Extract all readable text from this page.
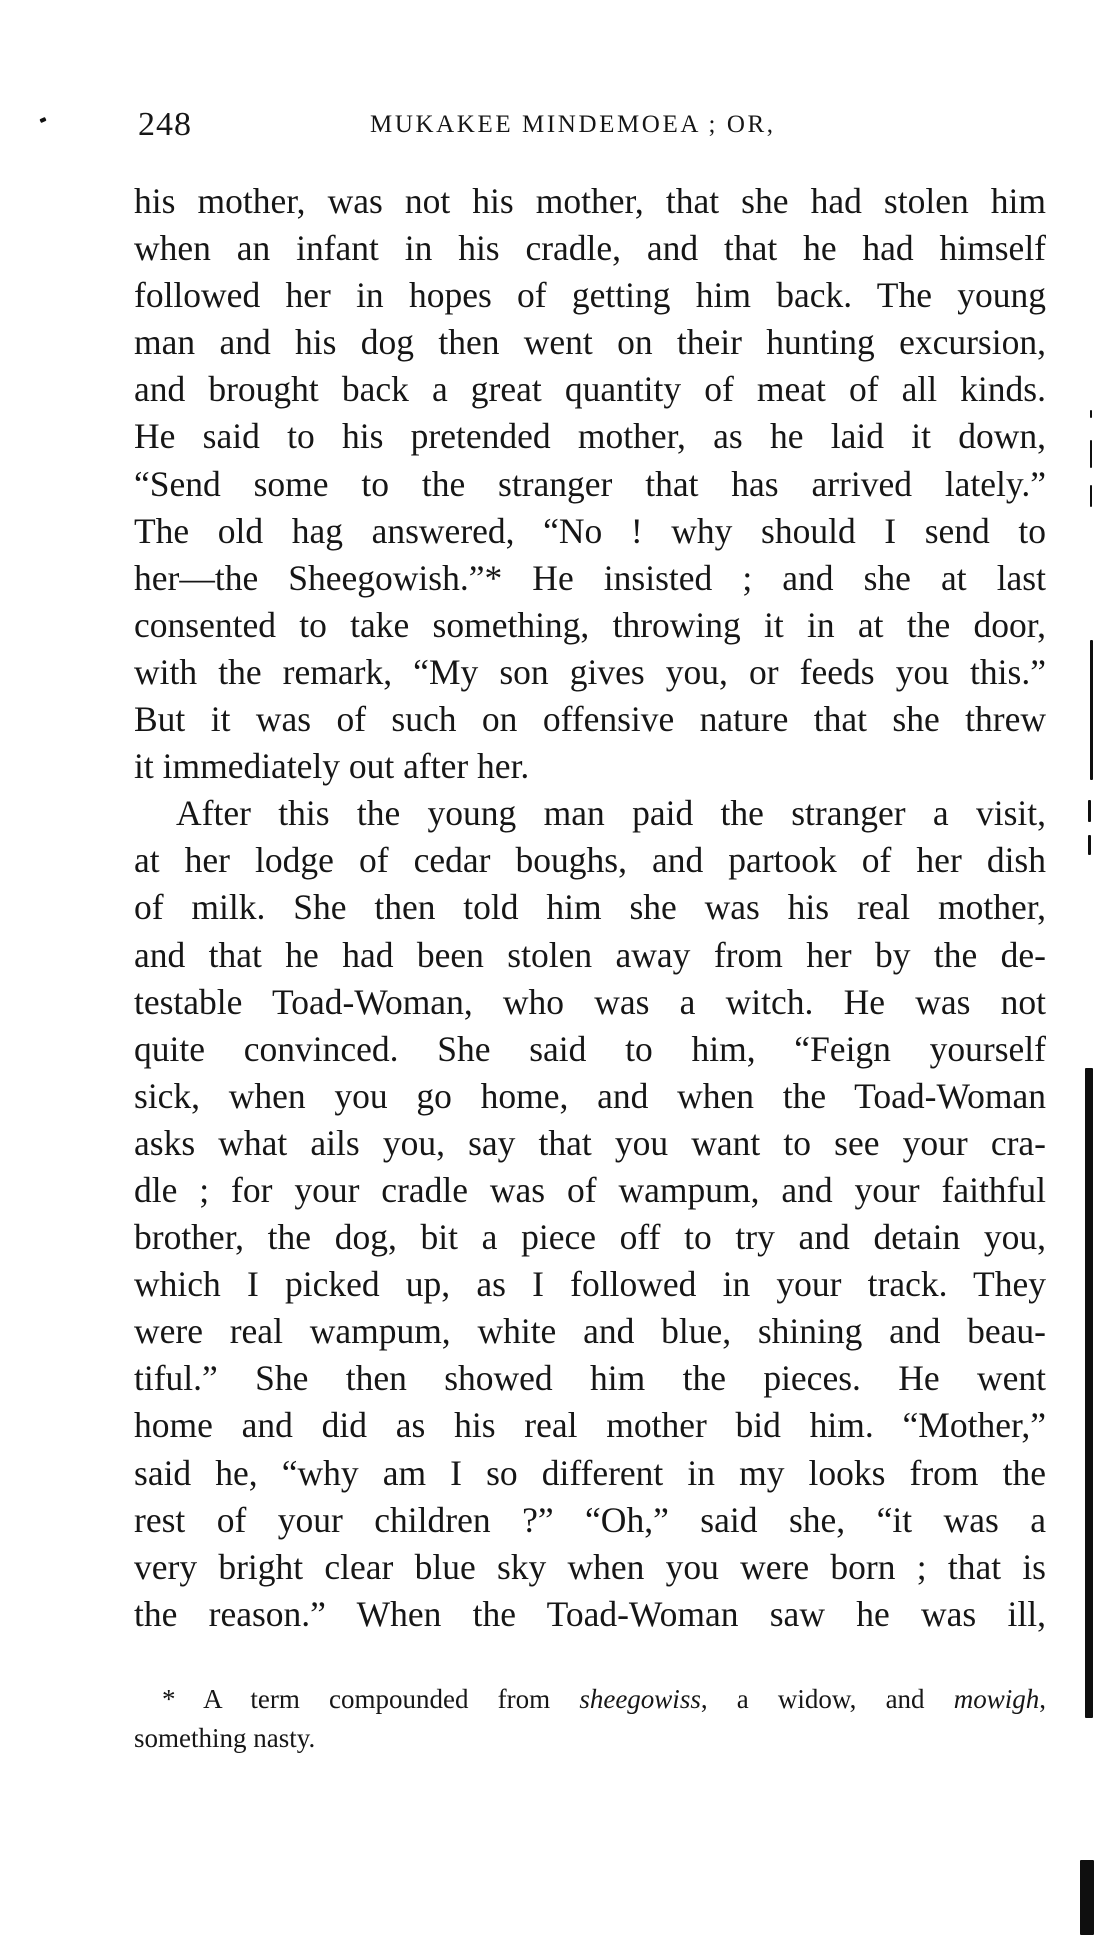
248	MUKAKEE MINDEMOEA ; OR,
his mother, was not his mother, that she had stolen him
when an infant in his cradle, and that he had himself
followed her in hopes of getting him back. The young
man and his dog then went on their hunting excursion,
and brought back a great quantity of meat of all kinds.
He said to his pretended mother, as he laid it down,
“Send some to the stranger that has arrived lately.”
The old hag answered, “No ! why should I send to
her—the Sheegowish.”* He insisted ; and she at last
consented to take something, throwing it in at the door,
with the remark, “My son gives you, or feeds you this.”
But it was of such on offensive nature that she threw
it immediately out after her.
After this the young man paid the stranger a visit,
at her lodge of cedar boughs, and partook of her dish
of milk. She then told him she was his real mother,
and that he had been stolen away from her by the de-
testable Toad-Woman, who was a witch. He was not
quite convinced. She said to him, “Feign yourself
sick, when you go home, and when the Toad-Woman
asks what ails you, say that you want to see your cra-
dle ; for your cradle was of wampum, and your faithful
brother, the dog, bit a piece off to try and detain you,
which I picked up, as I followed in your track. They
were real wampum, white and blue, shining and beau-
tiful.” She then showed him the pieces. He went
home and did as his real mother bid him. “Mother,”
said he, “why am I so different in my looks from the
rest of your children ?” “Oh,” said she, “it was a
very bright clear blue sky when you were born ; that is
the reason.” When the Toad-Woman saw he was ill,
* A term compounded from sheegowiss, a widow, and mowigh,
something nasty.
